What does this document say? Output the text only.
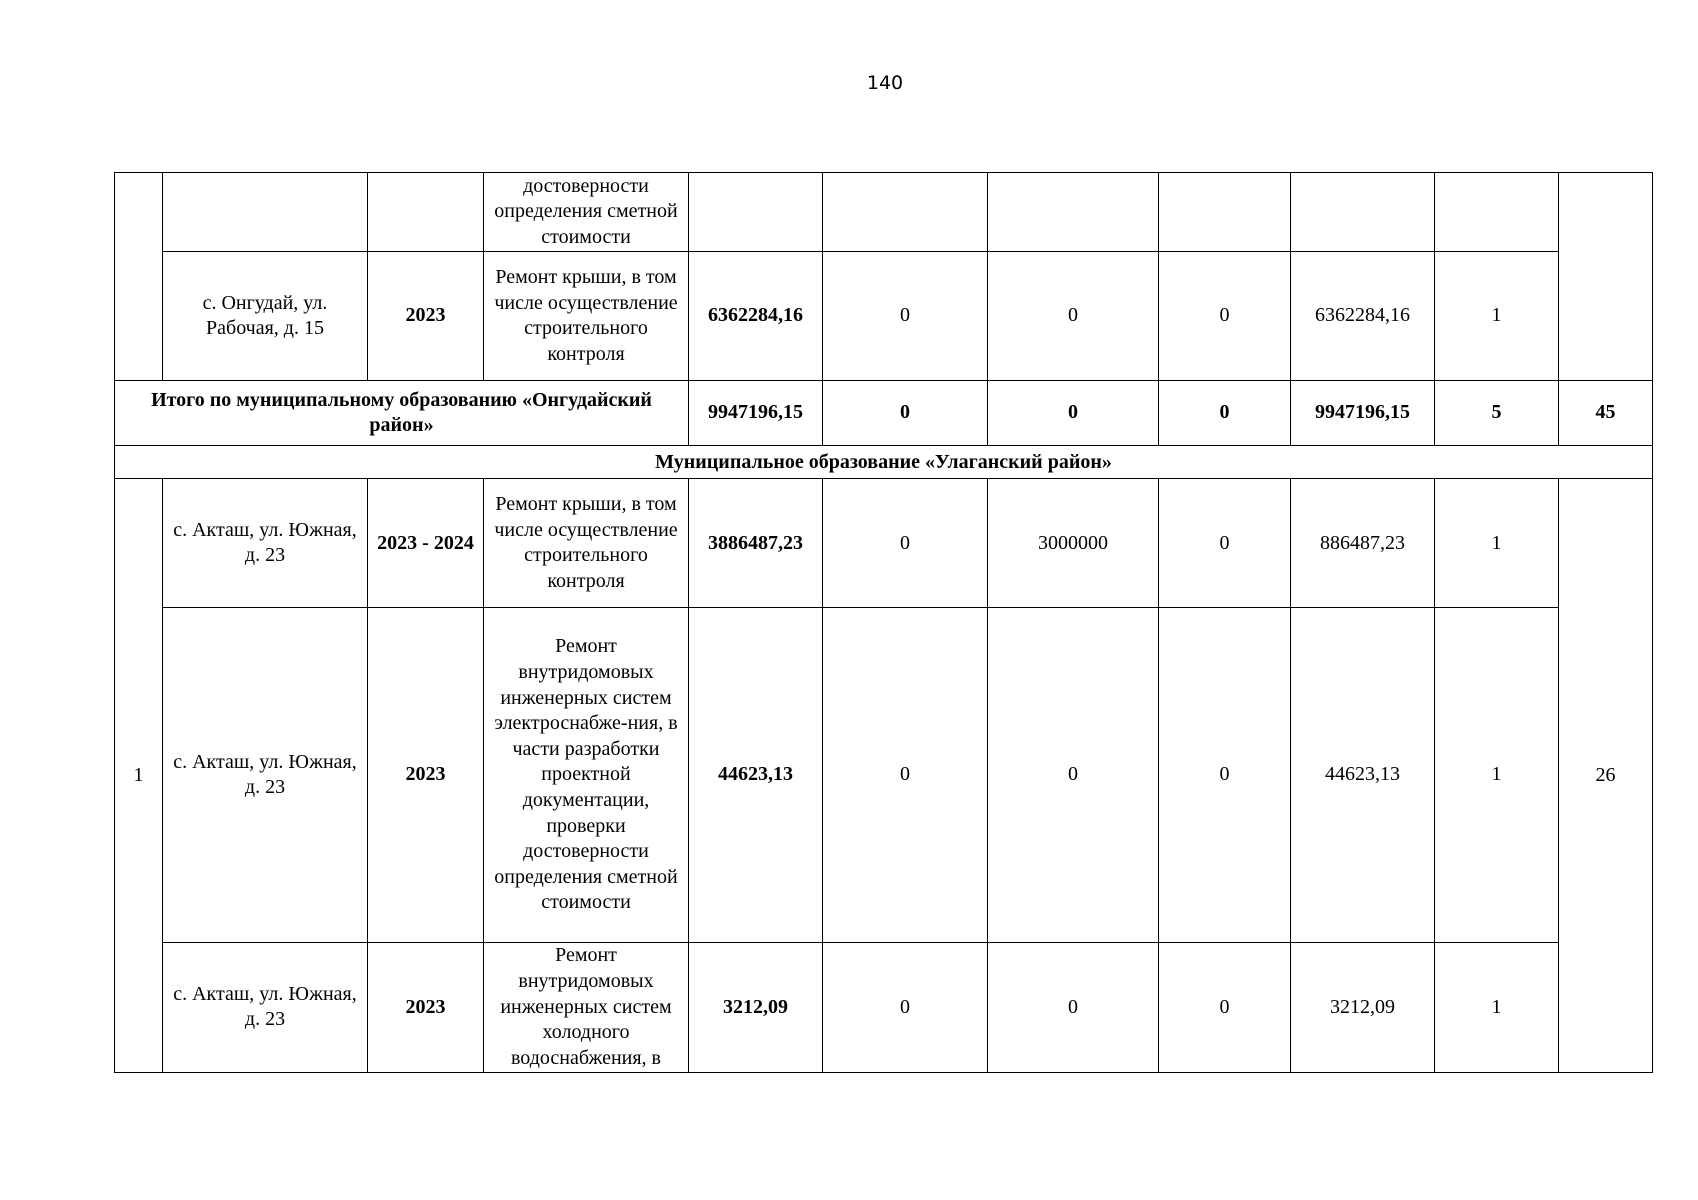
140
			достоверности определения сметной стоимости							
	с. Онгудай, ул. Рабочая, д. 15	2023	Ремонт крыши, в том числе осуществление строительного контроля	6362284,16	0	0	0	6362284,16	1	
Итого по муниципальному образованию «Онгудайский район»				9947196,15	0	0	0	9947196,15	5	45
Муниципальное образование «Улаганский район»										
1	с. Акташ, ул. Южная, д. 23	2023 - 2024	Ремонт крыши, в том числе осуществление строительного контроля	3886487,23	0	3000000	0	886487,23	1	26
	с. Акташ, ул. Южная, д. 23	2023	Ремонт внутридомовых инженерных систем электроснабже-ния, в части разработки проектной документации, проверки достоверности определения сметной стоимости	44623,13	0	0	0	44623,13	1	
	с. Акташ, ул. Южная, д. 23	2023	Ремонт внутридомовых инженерных систем холодного водоснабжения, в	3212,09	0	0	0	3212,09	1	
